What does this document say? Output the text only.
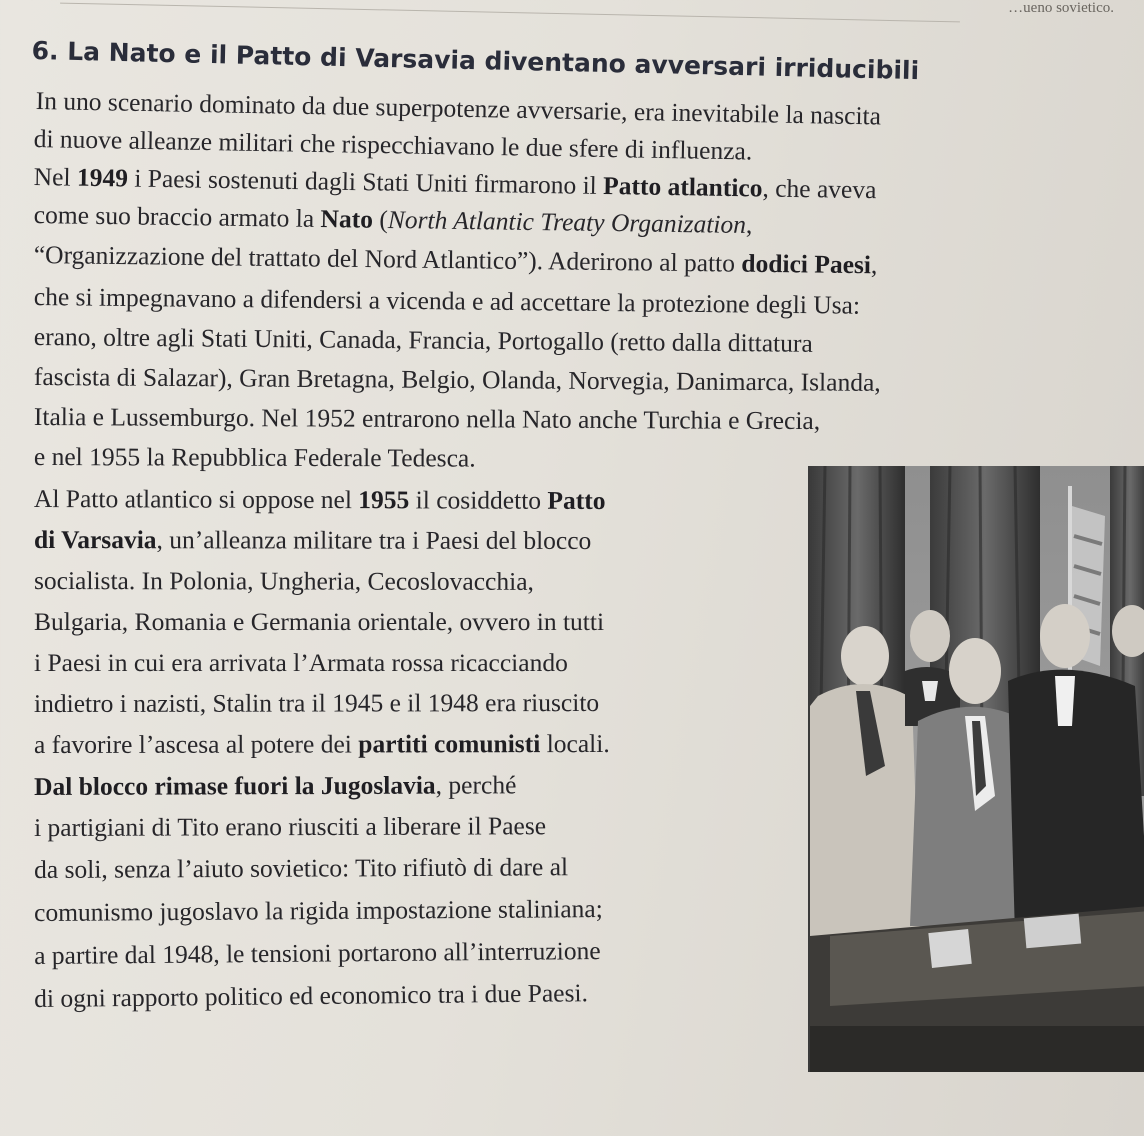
…ueno sovietico.
6. La Nato e il Patto di Varsavia diventano avversari irriducibili

In uno scenario dominato da due superpotenze avversarie, era inevitabile la nascita

di nuove alleanze militari che rispecchiavano le due sfere di influenza.

Nel 1949 i Paesi sostenuti dagli Stati Uniti firmarono il Patto atlantico, che aveva

come suo braccio armato la Nato (North Atlantic Treaty Organization,

“Organizzazione del trattato del Nord Atlantico”). Aderirono al patto dodici Paesi,

che si impegnavano a difendersi a vicenda e ad accettare la protezione degli Usa:

erano, oltre agli Stati Uniti, Canada, Francia, Portogallo (retto dalla dittatura

fascista di Salazar), Gran Bretagna, Belgio, Olanda, Norvegia, Danimarca, Islanda,

Italia e Lussemburgo. Nel 1952 entrarono nella Nato anche Turchia e Grecia,

e nel 1955 la Repubblica Federale Tedesca.

Al Patto atlantico si oppose nel 1955 il cosiddetto Patto

di Varsavia, un’alleanza militare tra i Paesi del blocco

socialista. In Polonia, Ungheria, Cecoslovacchia,

Bulgaria, Romania e Germania orientale, ovvero in tutti

i Paesi in cui era arrivata l’Armata rossa ricacciando

indietro i nazisti, Stalin tra il 1945 e il 1948 era riuscito

a favorire l’ascesa al potere dei partiti comunisti locali.

Dal blocco rimase fuori la Jugoslavia, perché

i partigiani di Tito erano riusciti a liberare il Paese

da soli, senza l’aiuto sovietico: Tito rifiutò di dare al

comunismo jugoslavo la rigida impostazione staliniana;

a partire dal 1948, le tensioni portarono all’interruzione

di ogni rapporto politico ed economico tra i due Paesi.
